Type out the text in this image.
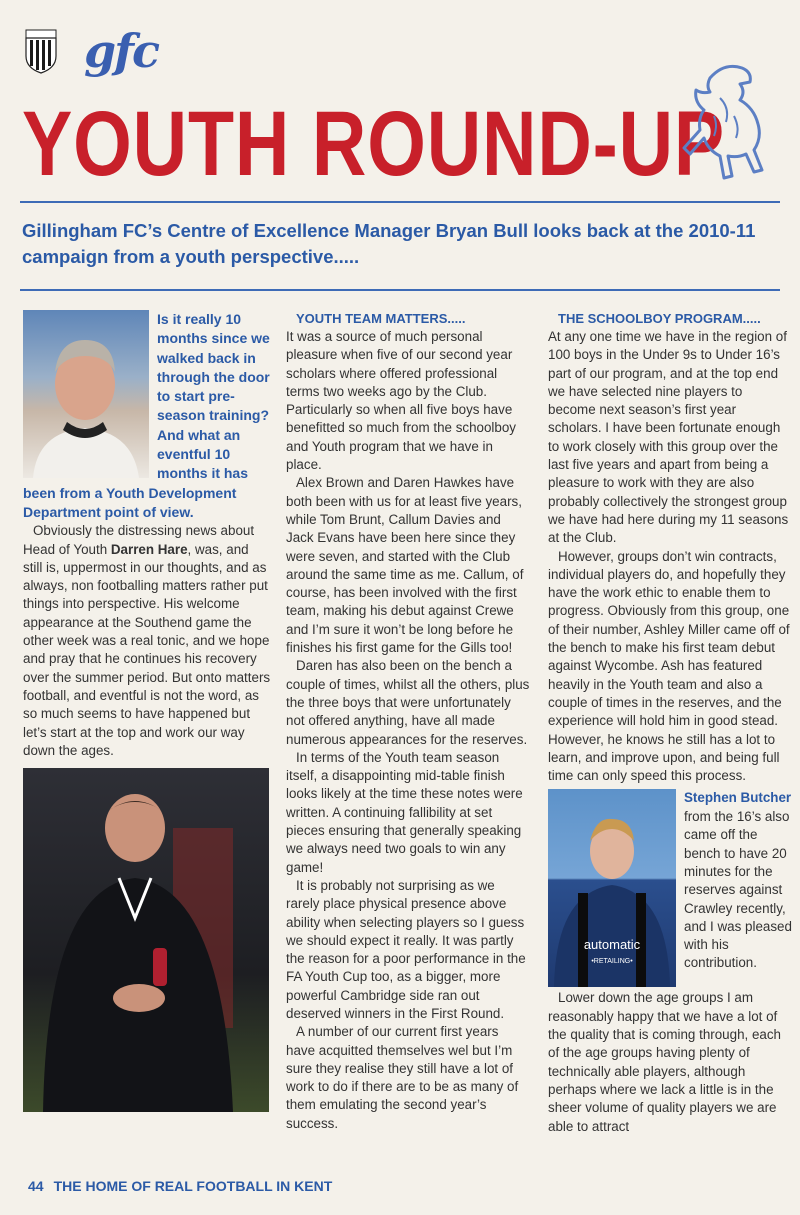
gfc
YOUTH ROUND-UP
Gillingham FC’s Centre of Excellence Manager Bryan Bull looks back at the 2010-11 campaign from a youth perspective.....
Is it really 10 months since we walked back in through the door to start pre-season training? And what an eventful 10 months it has been from a Youth Development Department point of view.

Obviously the distressing news about Head of Youth Darren Hare, was, and still is, uppermost in our thoughts, and as always, non footballing matters rather put things into perspective. His welcome appearance at the Southend game the other week was a real tonic, and we hope and pray that he continues his recovery over the summer period. But onto matters football, and eventful is not the word, as so much seems to have happened but let’s start at the top and work our way down the ages.

YOUTH TEAM MATTERS.....

It was a source of much personal pleasure when five of our second year scholars where offered professional terms two weeks ago by the Club. Particularly so when all five boys have benefitted so much from the schoolboy and Youth program that we have in place.

Alex Brown and Daren Hawkes have both been with us for at least five years, while Tom Brunt, Callum Davies and Jack Evans have been here since they were seven, and started with the Club around the same time as me. Callum, of course, has been involved with the first team, making his debut against Crewe and I’m sure it won’t be long before he finishes his first game for the Gills too!

Daren has also been on the bench a couple of times, whilst all the others, plus the three boys that were unfortunately not offered anything, have all made numerous appearances for the reserves.

In terms of the Youth team season itself, a disappointing mid-table finish looks likely at the time these notes were written. A continuing fallibility at set pieces ensuring that generally speaking we always need two goals to win any game!

It is probably not surprising as we rarely place physical presence above ability when selecting players so I guess we should expect it really. It was partly the reason for a poor performance in the FA Youth Cup too, as a bigger, more powerful Cambridge side ran out deserved winners in the First Round.

A number of our current first years have acquitted themselves wel but I’m sure they realise they still have a lot of work to do if there are to be as many of them emulating the second year’s success.

THE SCHOOLBOY PROGRAM.....

At any one time we have in the region of 100 boys in the Under 9s to Under 16’s part of our program, and at the top end we have selected nine players to become next season’s first year scholars. I have been fortunate enough to work closely with this group over the last five years and apart from being a pleasure to work with they are also probably collectively the strongest group we have had here during my 11 seasons at the Club.

However, groups don’t win contracts, individual players do, and hopefully they have the work ethic to enable them to progress. Obviously from this group, one of their number, Ashley Miller came off of the bench to make his first team debut against Wycombe. Ash has featured heavily in the Youth team and also a couple of times in the reserves, and the experience will hold him in good stead. However, he knows he still has a lot to learn, and improve upon, and being full time can only speed this process.

automatic
•RETAILING•

Stephen Butcher from the 16’s also came off the bench to have 20 minutes for the reserves against Crawley recently, and I was pleased with his contribution.

Lower down the age groups I am reasonably happy that we have a lot of the quality that is coming through, each of the age groups having plenty of technically able players, although perhaps where we lack a little is in the sheer volume of quality players we are able to attract

44 THE HOME OF REAL FOOTBALL IN KENT
